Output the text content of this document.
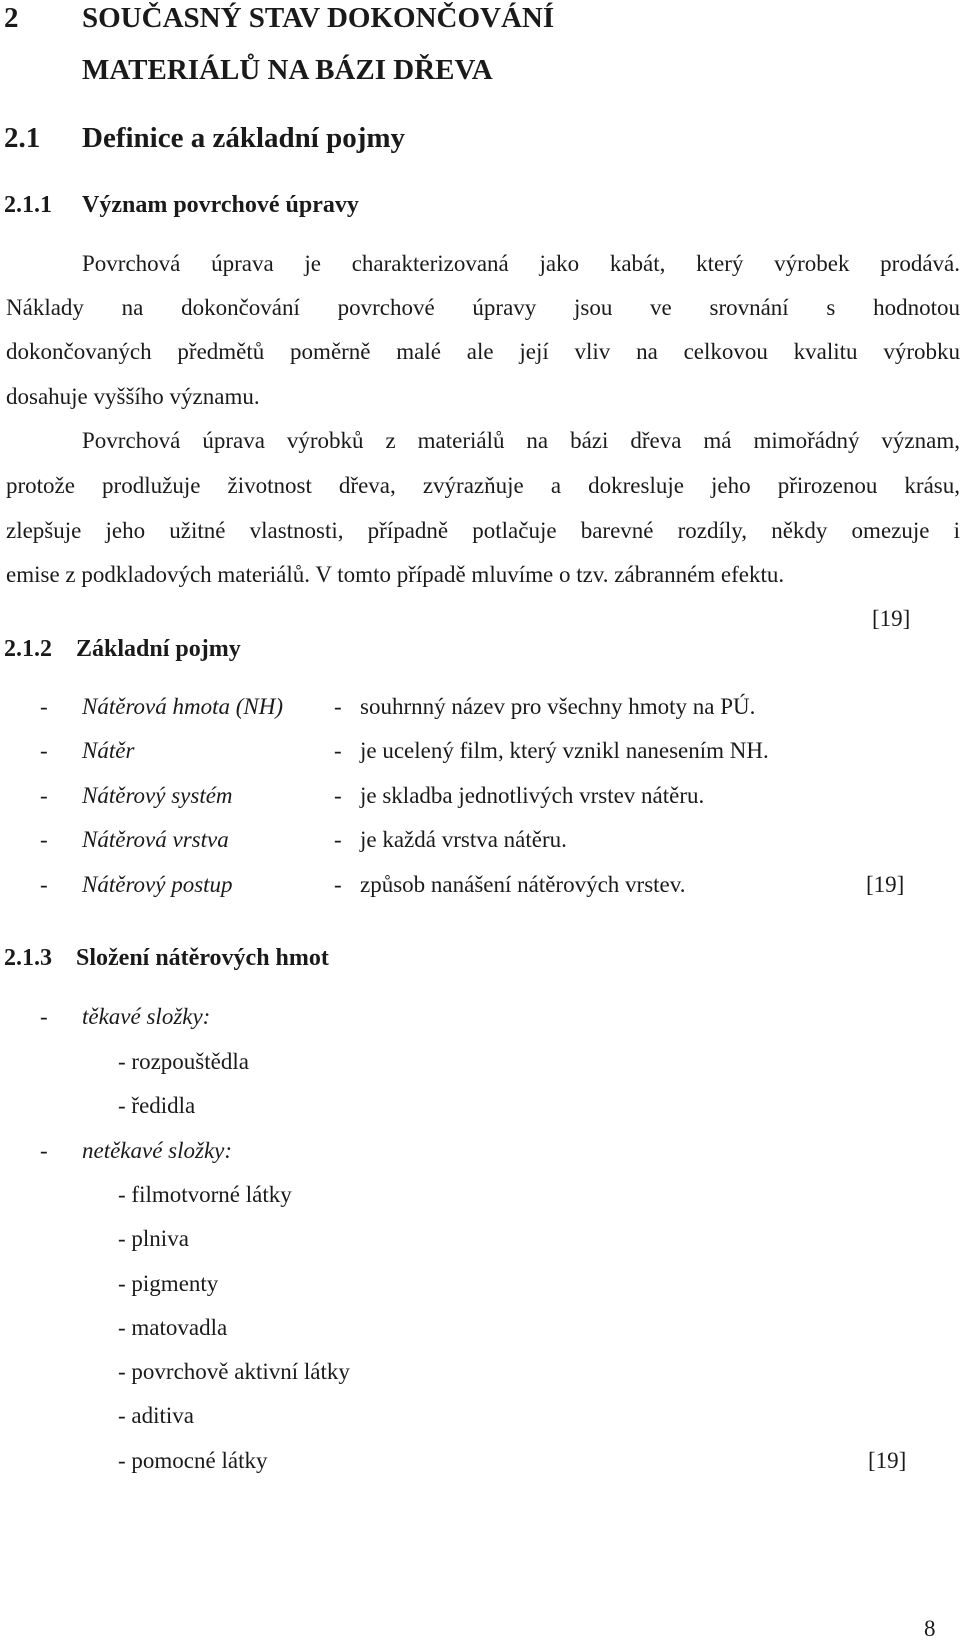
2 SOUČASNÝ STAV DOKONČOVÁNÍ
MATERIÁLŮ NA BÁZI DŘEVA
2.1 Definice a základní pojmy
2.1.1 Význam povrchové úpravy
Povrchová úprava je charakterizovaná jako kabát, který výrobek prodává.
Náklady na dokončování povrchové úpravy jsou ve srovnání s hodnotou
dokončovaných předmětů poměrně malé ale její vliv na celkovou kvalitu výrobku
dosahuje vyššího významu.
Povrchová úprava výrobků z materiálů na bázi dřeva má mimořádný význam,
protože prodlužuje životnost dřeva, zvýrazňuje a dokresluje jeho přirozenou krásu,
zlepšuje jeho užitné vlastnosti, případně potlačuje barevné rozdíly, někdy omezuje i
emise z podkladových materiálů. V tomto případě mluvíme o tzv. zábranném efektu.
[19]
2.1.2 Základní pojmy
- Nátěrová hmota (NH) - souhrnný název pro všechny hmoty na PÚ.
- Nátěr	- je ucelený film, který vznikl nanesením NH.
- Nátěrový systém	- je skladba jednotlivých vrstev nátěru.
- Nátěrová vrstva	- je každá vrstva nátěru.
- Nátěrový postup	- způsob nanášení nátěrových vrstev.	[19]
2.1.3 Složení nátěrových hmot
- těkavé složky:
- rozpouštědla
- ředidla
- netěkavé složky:
- filmotvorné látky
- plniva
- pigmenty
- matovadla
- povrchově aktivní látky
- aditiva
- pomocné látky	[19]
8
